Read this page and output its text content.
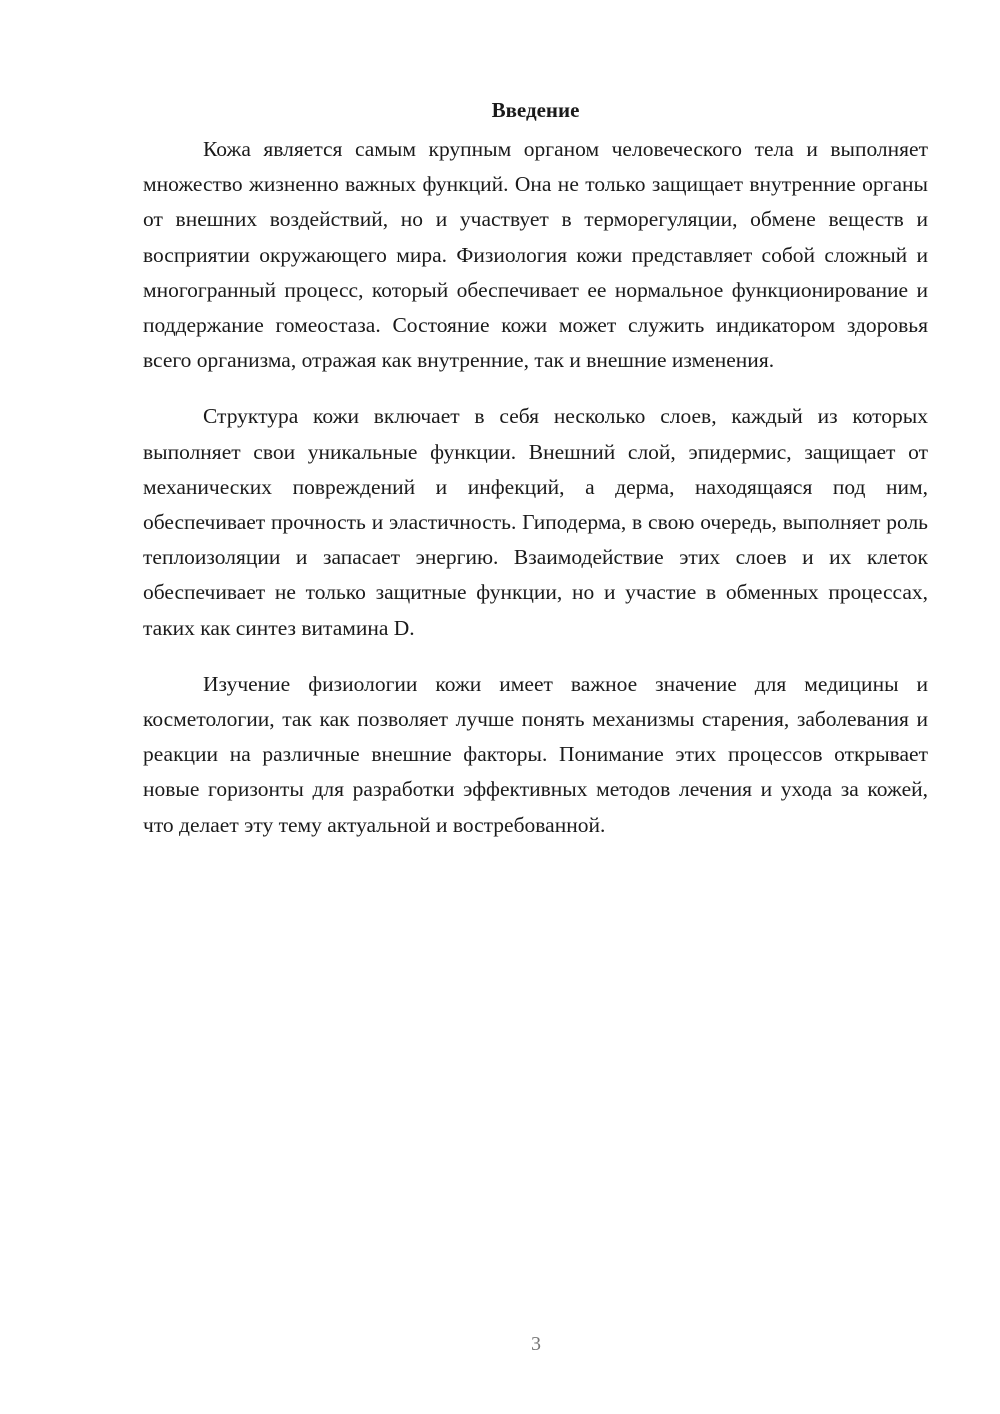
Введение

Кожа является самым крупным органом человеческого тела и выполняет множество жизненно важных функций. Она не только защищает внутренние органы от внешних воздействий, но и участвует в терморегуляции, обмене веществ и восприятии окружающего мира. Физиология кожи представляет собой сложный и многогранный процесс, который обеспечивает ее нормальное функционирование и поддержание гомеостаза. Состояние кожи может служить индикатором здоровья всего организма, отражая как внутренние, так и внешние изменения.

Структура кожи включает в себя несколько слоев, каждый из которых выполняет свои уникальные функции. Внешний слой, эпидермис, защищает от механических повреждений и инфекций, а дерма, находящаяся под ним, обеспечивает прочность и эластичность. Гиподерма, в свою очередь, выполняет роль теплоизоляции и запасает энергию. Взаимодействие этих слоев и их клеток обеспечивает не только защитные функции, но и участие в обменных процессах, таких как синтез витамина D.

Изучение физиологии кожи имеет важное значение для медицины и косметологии, так как позволяет лучше понять механизмы старения, заболевания и реакции на различные внешние факторы. Понимание этих процессов открывает новые горизонты для разработки эффективных методов лечения и ухода за кожей, что делает эту тему актуальной и востребованной.

3
